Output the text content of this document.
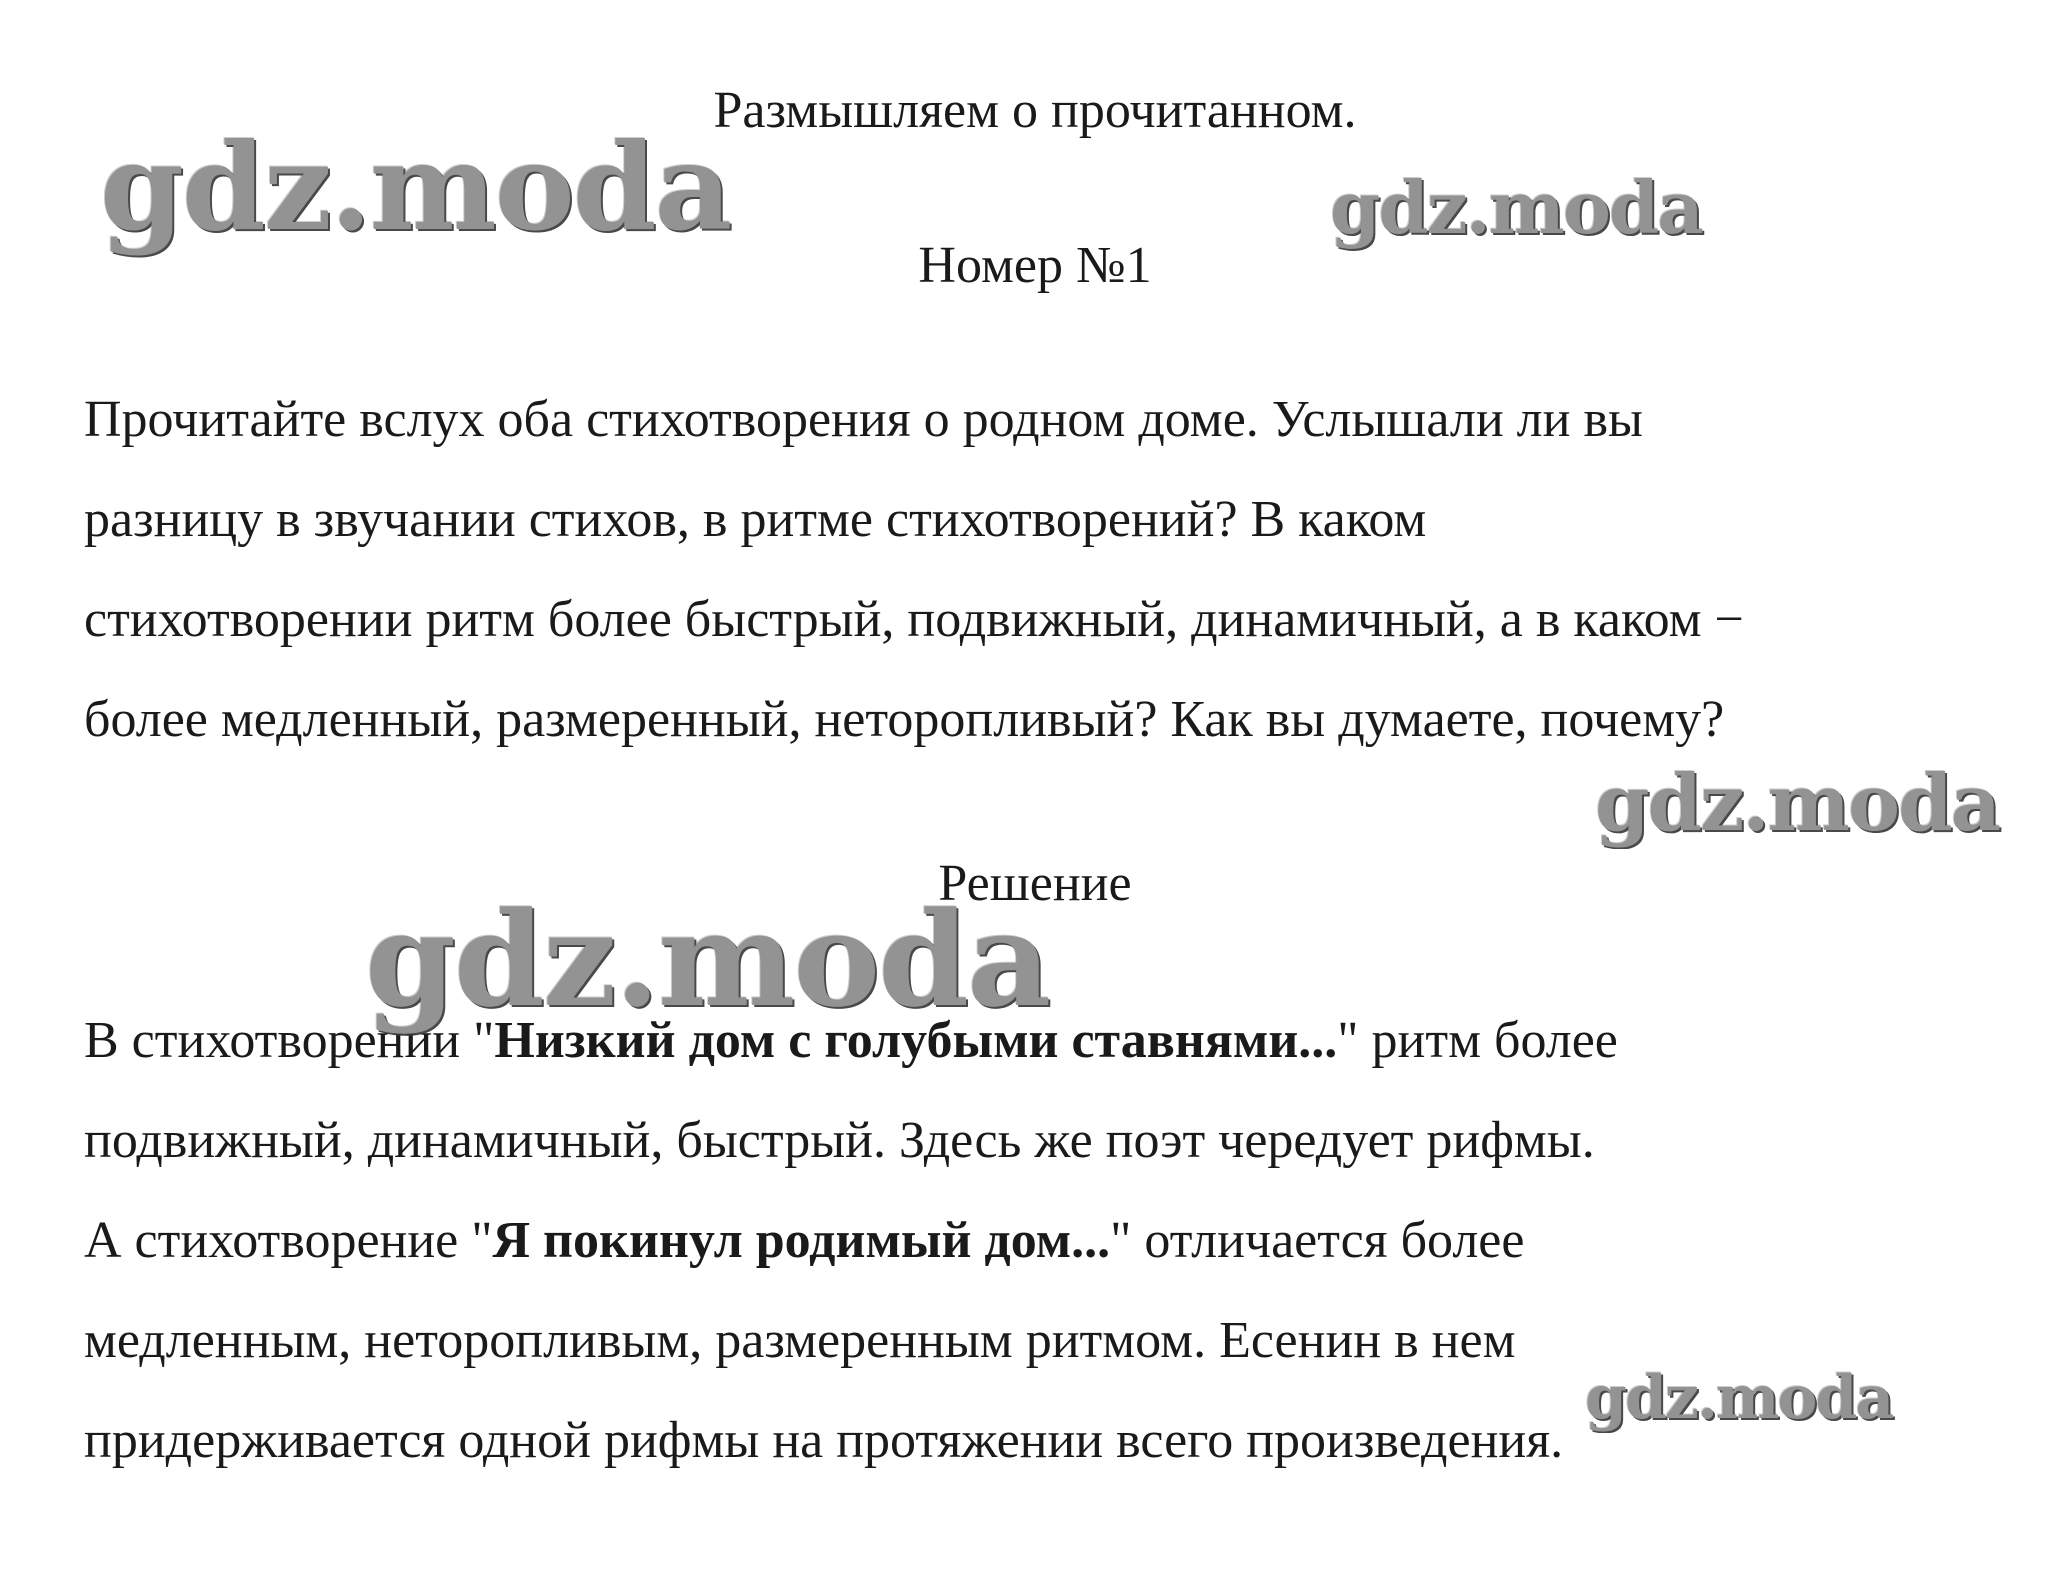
Размышляем о прочитанном.
Номер №1
Прочитайте вслух оба стихотворения о родном доме. Услышали ли вы
разницу в звучании стихов, в ритме стихотворений? В каком
стихотворении ритм более быстрый, подвижный, динамичный, а в каком −
более медленный, размеренный, неторопливый? Как вы думаете, почему?
Решение
В стихотворении "Низкий дом с голубыми ставнями..." ритм более
подвижный, динамичный, быстрый. Здесь же поэт чередует рифмы.
А стихотворение "Я покинул родимый дом..." отличается более
медленным, неторопливым, размеренным ритмом. Есенин в нем
придерживается одной рифмы на протяжении всего произведения.
gdz.moda	gdz.moda
gdz.moda
gdz.moda
gdz.moda
